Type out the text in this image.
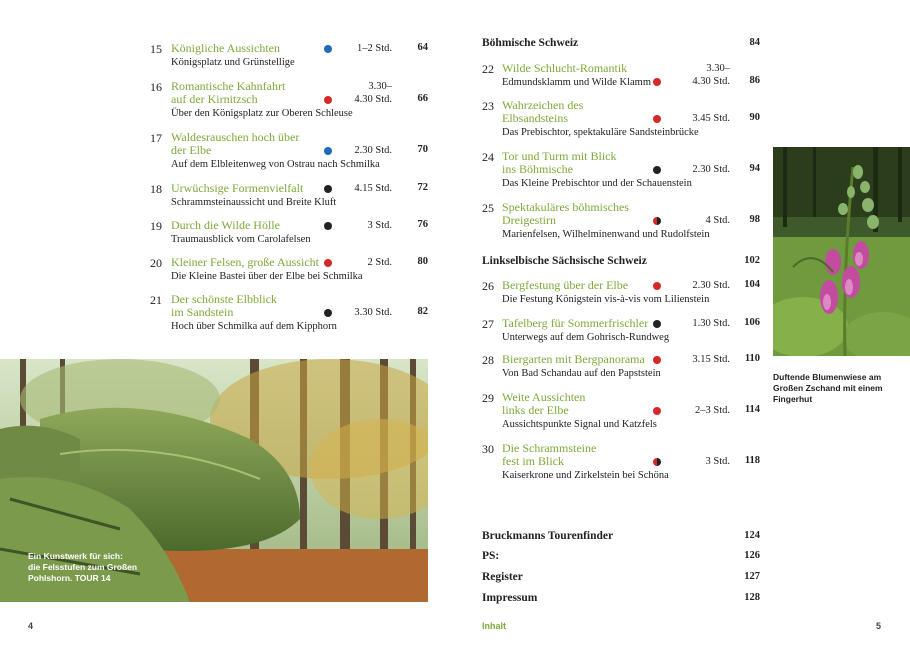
15 Königliche Aussichten
Königsplatz und Grünstellige
1–2 Std. 64
16 Romantische Kahnfahrt
auf der Kirnitzsch
Über den Königsplatz zur Oberen Schleuse
3.30–
4.30 Std. 66
17 Waldesrauschen hoch über
der Elbe
Auf dem Elbleitenweg von Ostrau nach Schmilka
2.30 Std. 70
18 Urwüchsige Formenvielfalt
Schrammsteinaussicht und Breite Kluft
4.15 Std. 72
19 Durch die Wilde Hölle
Traumausblick vom Carolafelsen
3 Std. 76
20 Kleiner Felsen, große Aussicht
Die Kleine Bastei über der Elbe bei Schmilka
2 Std. 80
21 Der schönste Elbblick
im Sandstein
Hoch über Schmilka auf dem Kipphorn
3.30 Std. 82
Ein Kunstwerk für sich:
die Felsstufen zum Großen
Pohlshorn. TOUR 14
Böhmische Schweiz	84
Linkselbische Sächsische Schweiz	102
22 Wilde Schlucht-Romantik
Edmundsklamm und Wilde Klamm
3.30–
4.30 Std. 86
23 Wahrzeichen des
Elbsandsteins
Das Prebischtor, spektakuläre Sandsteinbrücke
3.45 Std. 90
24 Tor und Turm mit Blick
ins Böhmische
Das Kleine Prebischtor und der Schauenstein
2.30 Std. 94
25 Spektakuläres böhmisches
Dreigestirn
Marienfelsen, Wilhelminenwand und Rudolfstein
4 Std. 98
26 Bergfestung über der Elbe
Die Festung Königstein vis-à-vis vom Lilienstein
2.30 Std. 104
27 Tafelberg für Sommerfrischler
Unterwegs auf dem Gohrisch-Rundweg
1.30 Std. 106
28 Biergarten mit Bergpanorama
Von Bad Schandau auf den Papststein
3.15 Std. 110
29 Weite Aussichten
links der Elbe
Aussichtspunkte Signal und Katzfels
2–3 Std. 114
30 Die Schrammsteine
fest im Blick
Kaiserkrone und Zirkelstein bei Schöna
3 Std. 118
Bruckmanns Tourenfinder	124
PS:	126
Register	127
Impressum	128
Duftende Blumenwiese am
Großen Zschand mit einem
Fingerhut
4	Inhalt	5
